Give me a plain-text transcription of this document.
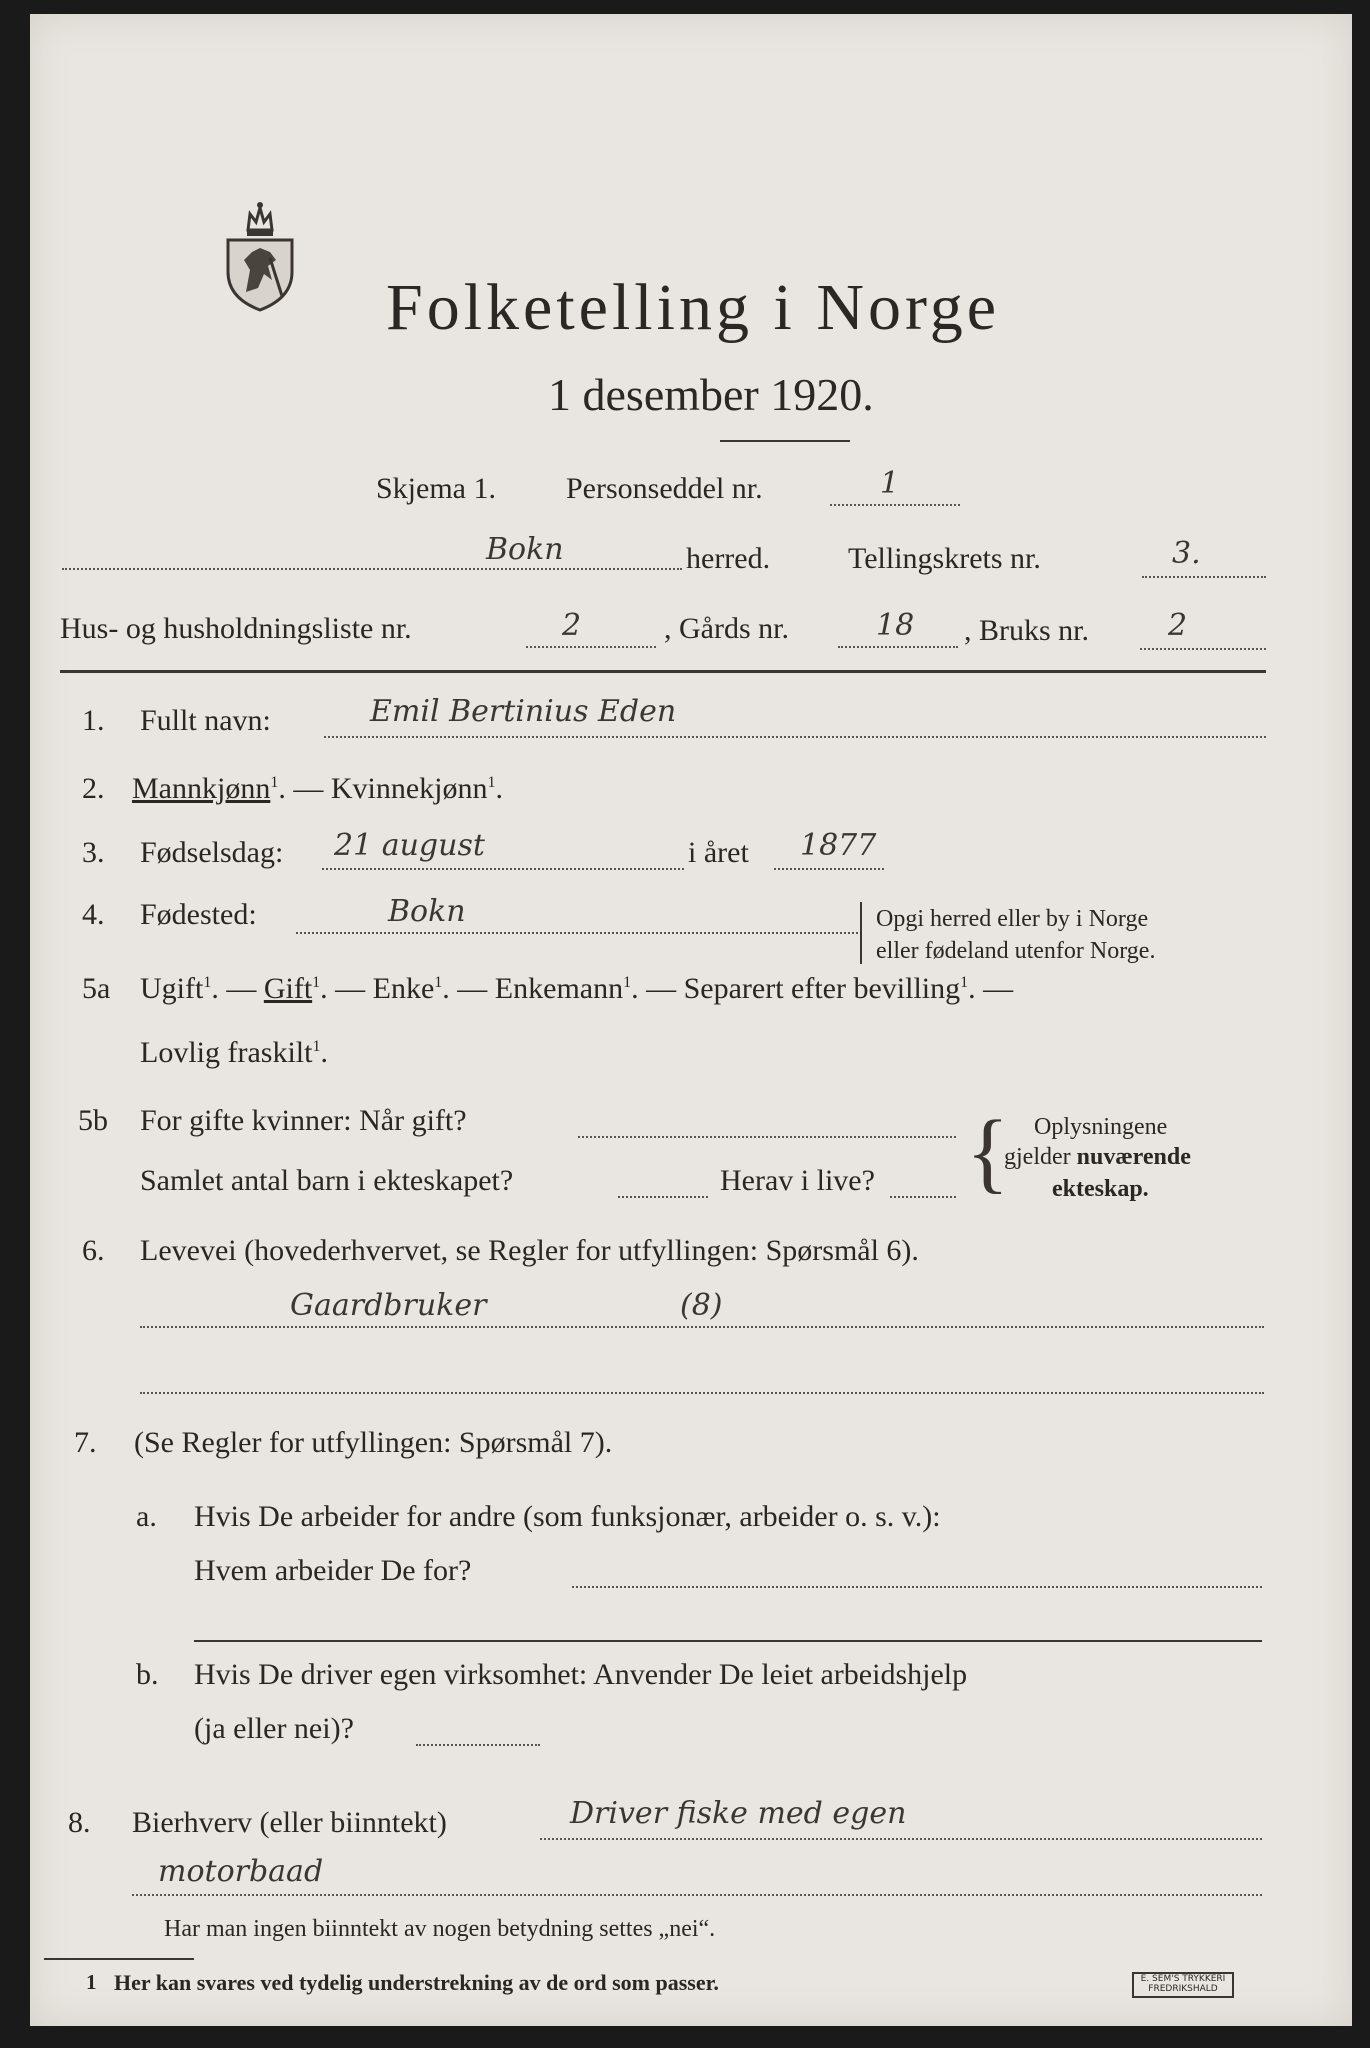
Folketelling i Norge
1 desember 1920.
Skjema 1. Personseddel nr.	1
Bokn	herred.	Tellingskrets nr.	3.
Hus- og husholdningsliste nr.	2	, Gårds nr.	18 , Bruks nr.	2
1. Fullt navn:	Emil Bertinius Eden
2. Mannkjønn$^1$. — Kvinnekjønn$^1$.
3. Fødselsdag: 21 august	i året 1877
4. Fødested:	Bokn	Opgi herred eller by i Norge
eller fødeland utenfor Norge.
5a Ugift$^1$. — Gift$^1$. — Enke$^1$. — Enkemann$^1$. — Separert efter bevilling$^1$. —
Lovlig fraskilt$^1$.
5b For gifte kvinner: Når gift?
Samlet antal barn i ekteskapet?	Herav i live? { Oplysningene
gjelder nuværende
ekteskap.
6. Levevei (hovederhvervet, se Regler for utfyllingen: Spørsmål 6).
Gaardbruker	(8)
7. (Se Regler for utfyllingen: Spørsmål 7).
a. Hvis De arbeider for andre (som funksjonær, arbeider o. s. v.):
Hvem arbeider De for?
b. Hvis De driver egen virksomhet: Anvender De leiet arbeidshjelp
(ja eller nei)?
8. Bierhverv (eller biinntekt)	Driver fiske med egen
motorbaad
Har man ingen biinntekt av nogen betydning settes „nei“.
1 Her kan svares ved tydelig understrekning av de ord som passer.	E. SEM'S TRYKKERI
FREDRIKSHALD
